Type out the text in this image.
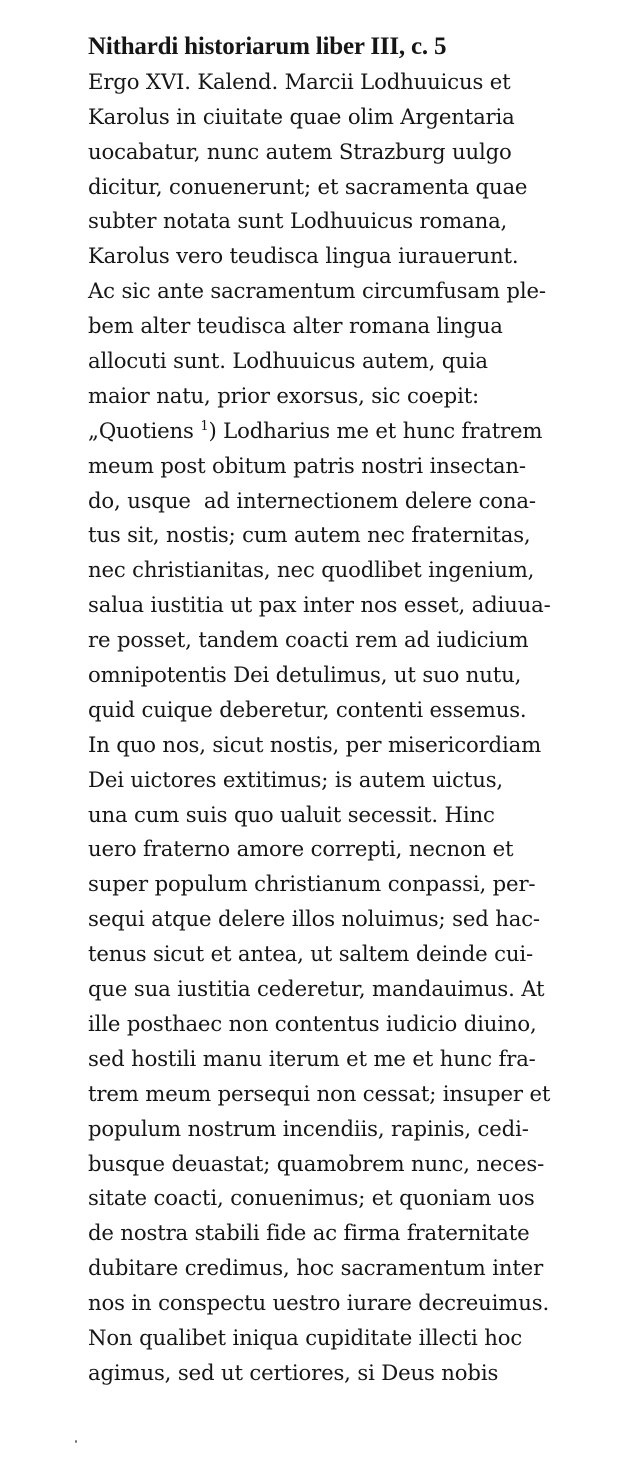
Nithardi historiarum liber III, c. 5
Ergo XVI. Kalend. Marcii Lodhuuicus et
Karolus in ciuitate quae olim Argentaria
uocabatur, nunc autem Strazburg uulgo
dicitur, conuenerunt; et sacramenta quae
subter notata sunt Lodhuuicus romana,
Karolus vero teudisca lingua iurauerunt.
Ac sic ante sacramentum circumfusam ple-
bem alter teudisca alter romana lingua
allocuti sunt. Lodhuuicus autem, quia
maior natu, prior exorsus, sic coepit:
„Quotiens $^1$) Lodharius me et hunc fratrem
meum post obitum patris nostri insectan-
do, usque  ad internectionem delere cona-
tus sit, nostis; cum autem nec fraternitas,
nec christianitas, nec quodlibet ingenium,
salua iustitia ut pax inter nos esset, adiuua-
re posset, tandem coacti rem ad iudicium
omnipotentis Dei detulimus, ut suo nutu,
quid cuique deberetur, contenti essemus.
In quo nos, sicut nostis, per misericordiam
Dei uictores extitimus; is autem uictus,
una cum suis quo ualuit secessit. Hinc
uero fraterno amore correpti, necnon et
super populum christianum conpassi, per-
sequi atque delere illos noluimus; sed hac-
tenus sicut et antea, ut saltem deinde cui-
que sua iustitia cederetur, mandauimus. At
ille posthaec non contentus iudicio diuino,
sed hostili manu iterum et me et hunc fra-
trem meum persequi non cessat; insuper et
populum nostrum incendiis, rapinis, cedi-
busque deuastat; quamobrem nunc, neces-
sitate coacti, conuenimus; et quoniam uos
de nostra stabili fide ac firma fraternitate
dubitare credimus, hoc sacramentum inter
nos in conspectu uestro iurare decreuimus.
Non qualibet iniqua cupiditate illecti hoc
agimus, sed ut certiores, si Deus nobis
